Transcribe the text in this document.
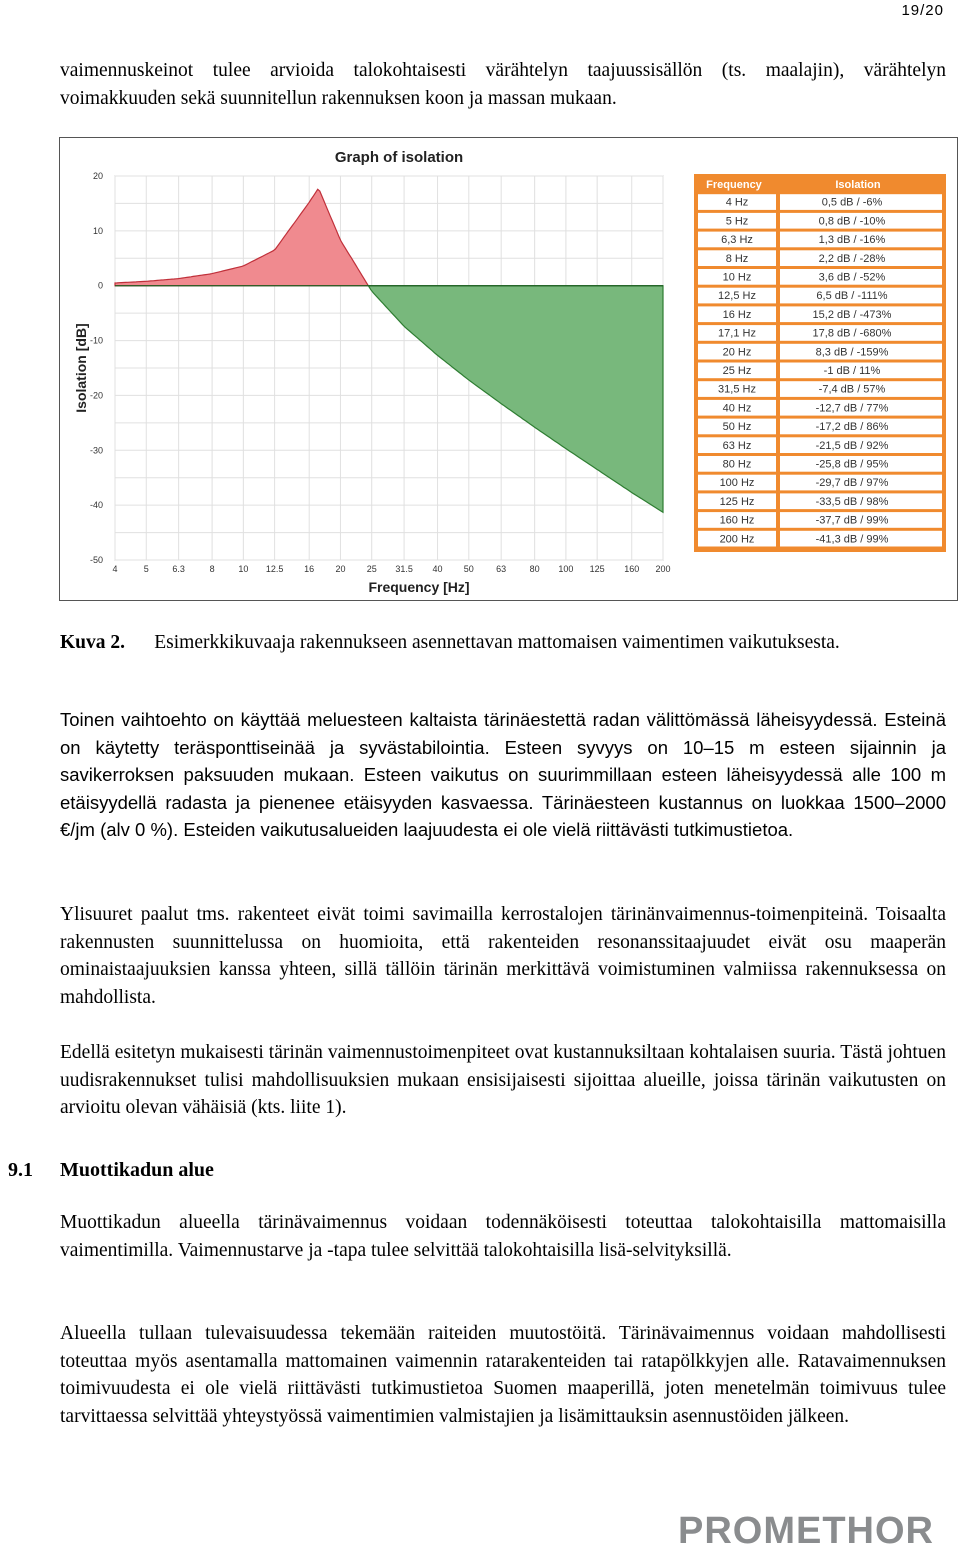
19/20

vaimennuskeinot tulee arvioida talokohtaisesti värähtelyn taajuussisällön (ts. maalajin), värähtelyn voimakkuuden sekä suunnitellun rakennuksen koon ja massan mukaan.

4	5	6.3	8	10 12.5 16 20 25 31.5 40 50 63	80 100 125 160 200
20
10
0
-10
-20
-30
-40
-50
Graph of isolation
Frequency [Hz]
Isolation [dB]
Frequency	Isolation
4 Hz	0,5 dB / -6%
5 Hz	0,8 dB / -10%
6,3 Hz	1,3 dB / -16%
8 Hz	2,2 dB / -28%
10 Hz	3,6 dB / -52%
12,5 Hz	6,5 dB / -111%
16 Hz	15,2 dB / -473%
17,1 Hz	17,8 dB / -680%
20 Hz	8,3 dB / -159%
25 Hz	-1 dB / 11%
31,5 Hz	-7,4 dB / 57%
40 Hz	-12,7 dB / 77%
50 Hz	-17,2 dB / 86%
63 Hz	-21,5 dB / 92%
80 Hz	-25,8 dB / 95%
100 Hz	-29,7 dB / 97%
125 Hz	-33,5 dB / 98%
160 Hz	-37,7 dB / 99%
200 Hz	-41,3 dB / 99%
Kuva 2. Esimerkkikuvaaja rakennukseen asennettavan mattomaisen vaimentimen vaikutuksesta.

Toinen vaihtoehto on käyttää meluesteen kaltaista tärinäestettä radan välittömässä läheisyydessä. Esteinä on käytetty teräsponttiseinää ja syvästabilointia. Esteen syvyys on 10–15 m esteen sijainnin ja savikerroksen paksuuden mukaan. Esteen vaikutus on suurimmillaan esteen läheisyydessä alle 100 m etäisyydellä radasta ja pienenee etäisyyden kasvaessa. Tärinäesteen kustannus on luokkaa 1500–2000 €/jm (alv 0 %). Esteiden vaikutusalueiden laajuudesta ei ole vielä riittävästi tutkimustietoa.

Ylisuuret paalut tms. rakenteet eivät toimi savimailla kerrostalojen tärinänvaimennus-toimenpiteinä. Toisaalta rakennusten suunnittelussa on huomioita, että rakenteiden resonanssitaajuudet eivät osu maaperän ominaistaajuuksien kanssa yhteen, sillä tällöin tärinän merkittävä voimistuminen valmiissa rakennuksessa on mahdollista.

Edellä esitetyn mukaisesti tärinän vaimennustoimenpiteet ovat kustannuksiltaan kohtalaisen suuria. Tästä johtuen uudisrakennukset tulisi mahdollisuuksien mukaan ensisijaisesti sijoittaa alueille, joissa tärinän vaikutusten on arvioitu olevan vähäisiä (kts. liite 1).

9.1 Muottikadun alue

Muottikadun alueella tärinävaimennus voidaan todennäköisesti toteuttaa talokohtaisilla mattomaisilla vaimentimilla. Vaimennustarve ja -tapa tulee selvittää talokohtaisilla lisä-selvityksillä.

Alueella tullaan tulevaisuudessa tekemään raiteiden muutostöitä. Tärinävaimennus voidaan mahdollisesti toteuttaa myös asentamalla mattomainen vaimennin ratarakenteiden tai ratapölkkyjen alle. Ratavaimennuksen toimivuudesta ei ole vielä riittävästi tutkimustietoa Suomen maaperillä, joten menetelmän toimivuus tulee tarvittaessa selvittää yhteystyössä vaimentimien valmistajien ja lisämittauksin asennustöiden jälkeen.

PROMETHOR
